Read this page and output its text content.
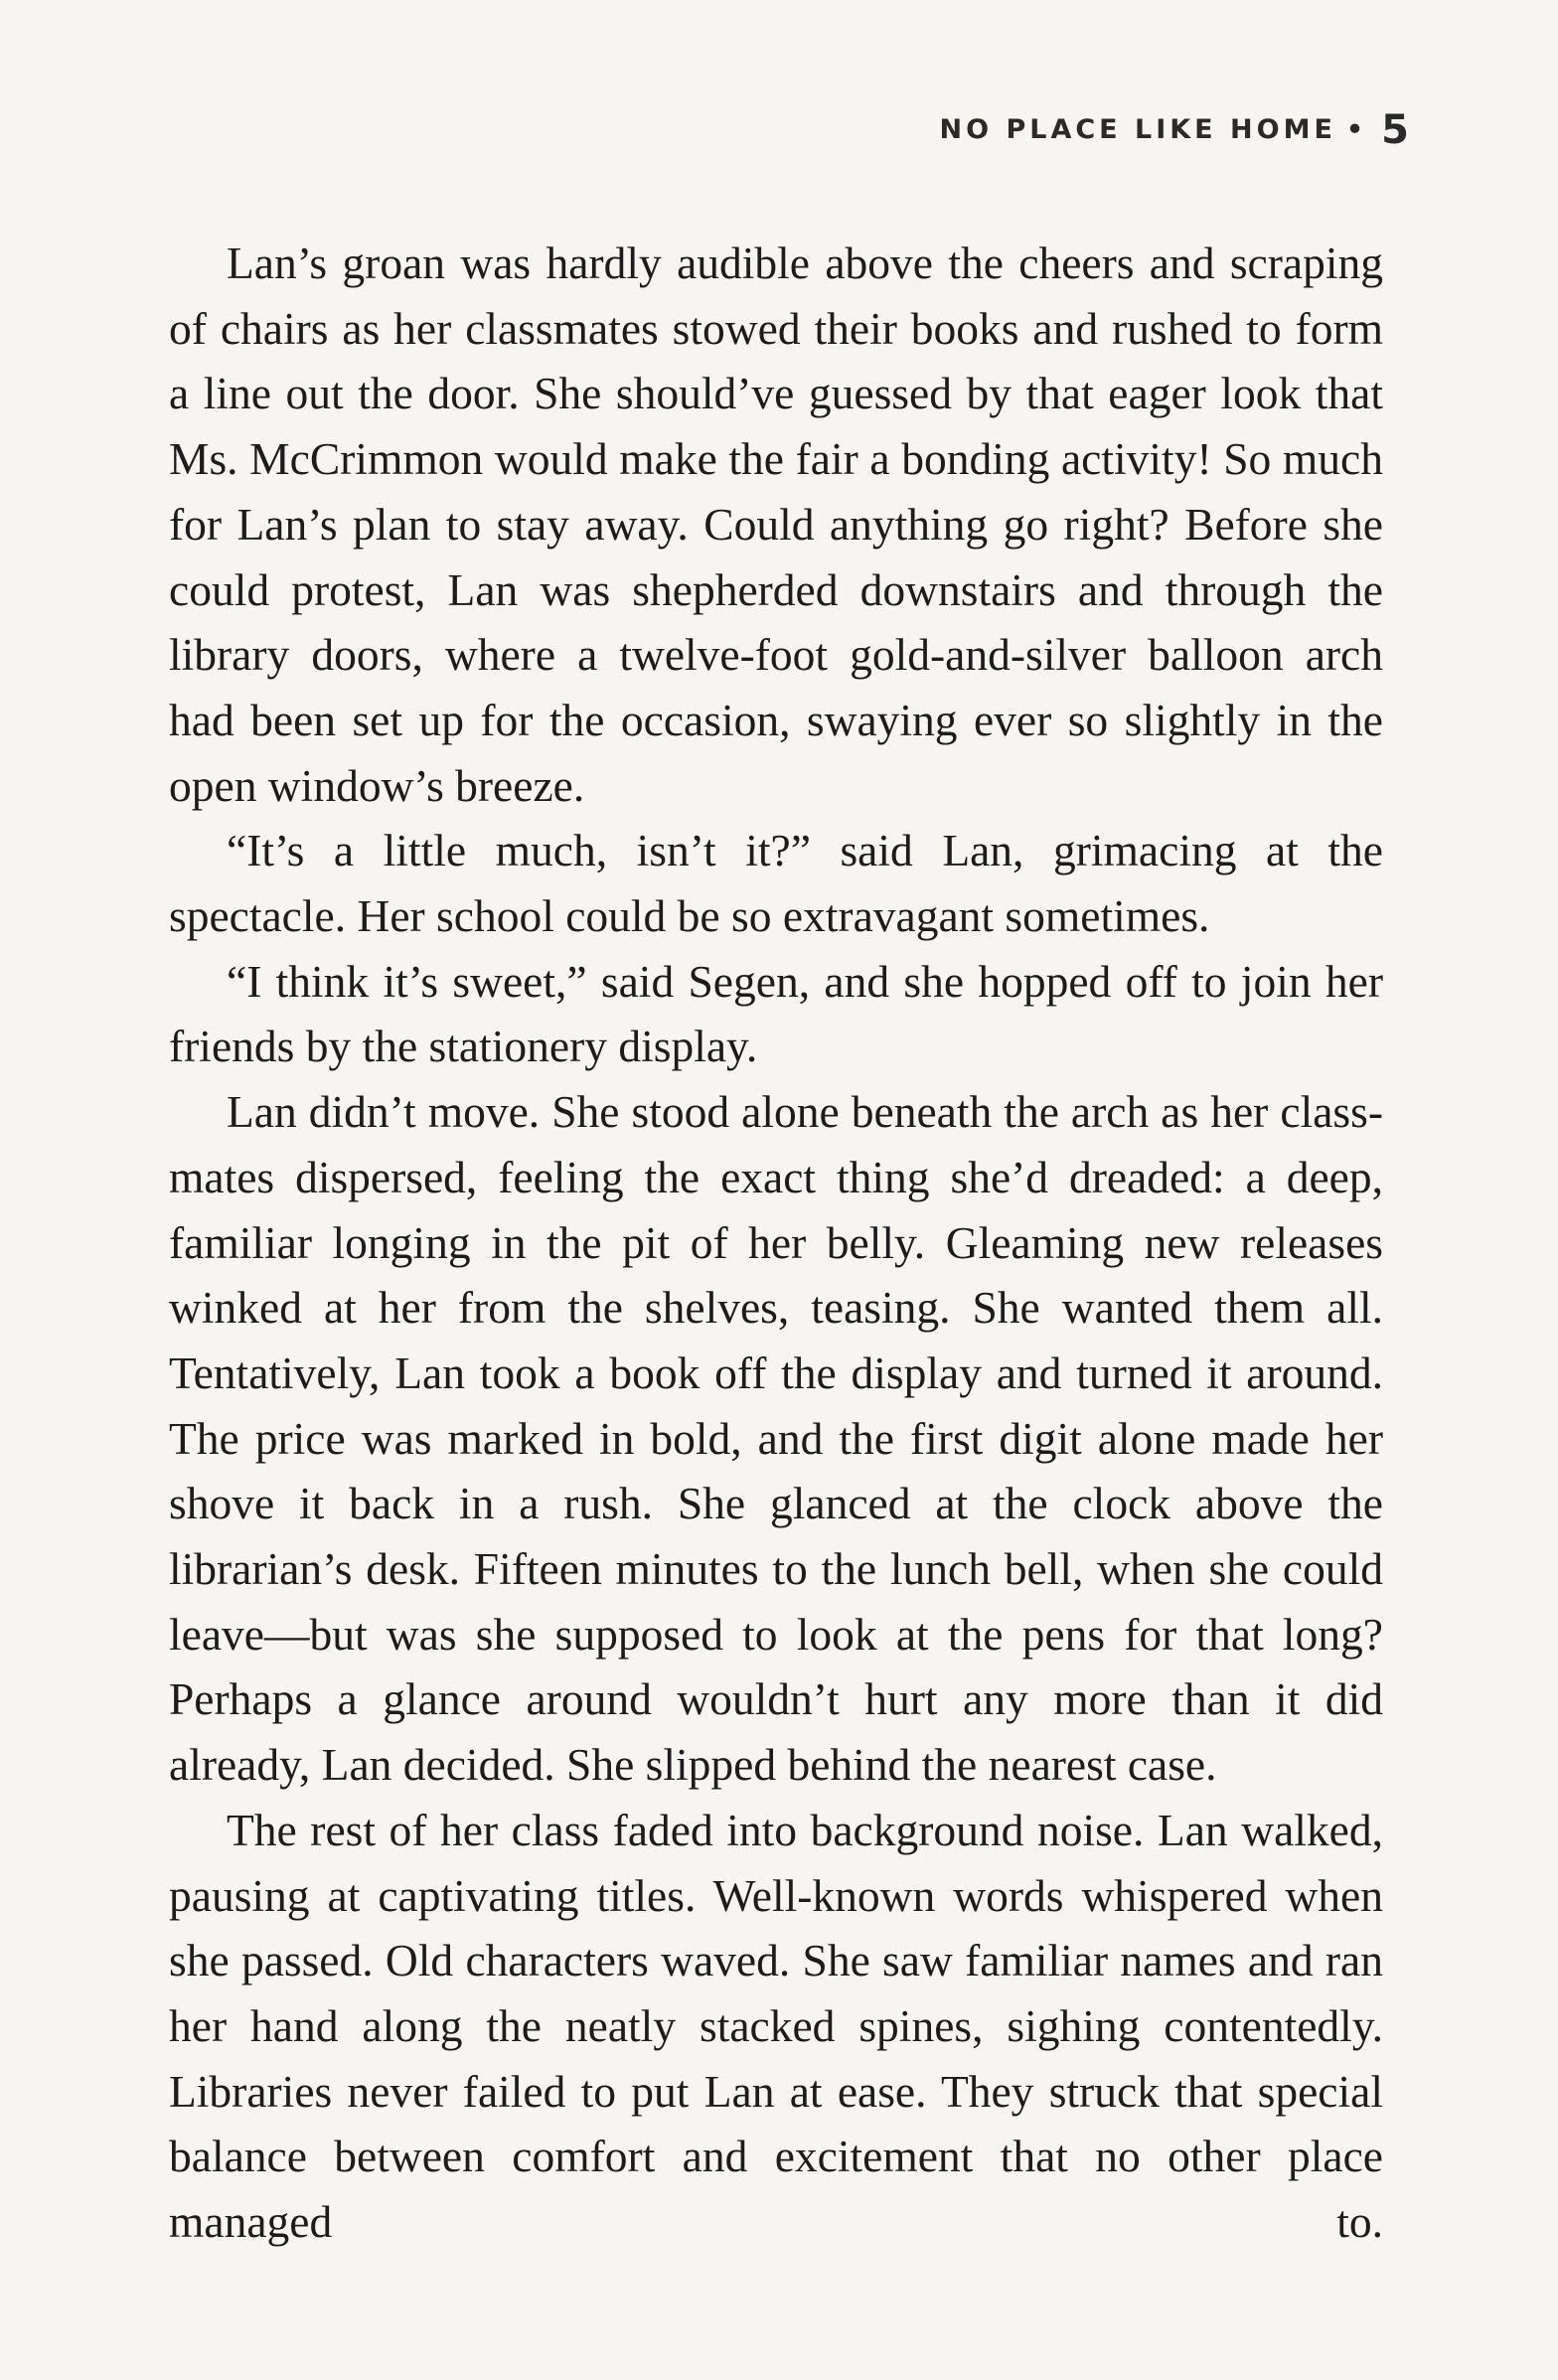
NO PLACE LIKE HOME • 5

Lan’s groan was hardly audible above the cheers and scraping of chairs as her classmates stowed their books and rushed to form a line out the door. She should’ve guessed by that eager look that Ms. McCrimmon would make the fair a bonding activity! So much for Lan’s plan to stay away. Could anything go right? Before she could protest, Lan was shepherded downstairs and through the library doors, where a twelve-foot gold-and-silver balloon arch had been set up for the occasion, swaying ever so slightly in the open window’s breeze.

“It’s a little much, isn’t it?” said Lan, grimacing at the spectacle. Her school could be so extravagant sometimes.

“I think it’s sweet,” said Segen, and she hopped off to join her friends by the stationery display.

Lan didn’t move. She stood alone beneath the arch as her classmates dispersed, feeling the exact thing she’d dreaded: a deep, familiar longing in the pit of her belly. Gleaming new releases winked at her from the shelves, teasing. She wanted them all. Tentatively, Lan took a book off the display and turned it around. The price was marked in bold, and the first digit alone made her shove it back in a rush. She glanced at the clock above the librarian’s desk. Fifteen minutes to the lunch bell, when she could leave—but was she supposed to look at the pens for that long? Perhaps a glance around wouldn’t hurt any more than it did already, Lan decided. She slipped behind the nearest case.

The rest of her class faded into background noise. Lan walked, pausing at captivating titles. Well-known words whispered when she passed. Old characters waved. She saw familiar names and ran her hand along the neatly stacked spines, sighing contentedly. Libraries never failed to put Lan at ease. They struck that special balance between comfort and excitement that no other place managed to.
